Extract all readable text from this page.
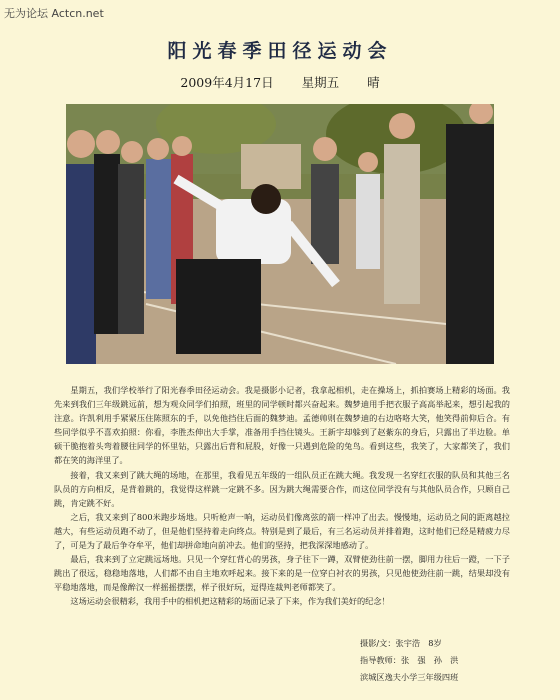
无为论坛 Actcn.net
阳光春季田径运动会
2009年4月17日 星期五 晴

星期五，我们学校举行了阳光春季田径运动会。我是摄影小记者，我拿起相机，走在操场上，抓拍赛场上精彩的场面。我先来到我们三年级跳远前，想为观众同学们拍照，班里的同学顿时都兴奋起来。魏梦迪用手把衣服子高高举起来，想引起我的注意。许凯利用手紧紧压住陈照东的手，以免他挡住后面的魏梦迪。孟德帅则在魏梦迪的右边咯咯大笑，他笑得前仰后合。有些同学似乎不喜欢拍照：你看，李胜杰伸出大手掌，准备用手挡住镜头。王新宇却躲到了赵紫东的身后，只露出了半边脸。单硕干脆抱着头弯着腰往同学的怀里钻，只露出后背和屁股，好像一只遇到危险的兔鸟。看到这些，我笑了，大家都笑了，我们都在笑的海洋里了。

接着，我又来到了跳大绳的场地，在那里，我看见五年级的一组队员正在跳大绳。我发现一名穿红衣服的队员和其他三名队员的方向相反，是背着跳的，我觉得这样跳一定跳不多。因为跳大绳需要合作，而这位同学没有与其他队员合作，只顾自己跳，肯定跳不好。

之后，我又来到了800米跑步场地。只听枪声一响，运动员们像离弦的箭一样冲了出去。慢慢地，运动员之间的距离越拉越大，有些运动员跑不动了，但是他们坚持着走向终点。特别是到了最后，有三名运动员并排着跑，这时他们已经是精疲力尽了，可是为了最后争夺牟平，他们却拼命地向前冲去。他们的坚持，把我深深地感动了。

最后，我来到了立定跳远场地。只见一个穿红背心的男孩，身子往下一蹲，双臂使劲往前一摆，脚用力往后一蹬，一下子跳出了很远，稳稳地落地，人们都不由自主地欢呼起来。接下来的是一位穿白衬衣的男孩，只见他使劲往前一跳，结果却没有平稳地落地，而是像醉汉一样摇摇摆摆，样子很好玩，逗得连裁判老师都笑了。

这场运动会很精彩，我用手中的相机把这精彩的场面记录了下来，作为我们美好的纪念！

摄影/文：张宇浩　8岁
指导教师：张　强　孙　洪
滨城区逸夫小学三年级四班
